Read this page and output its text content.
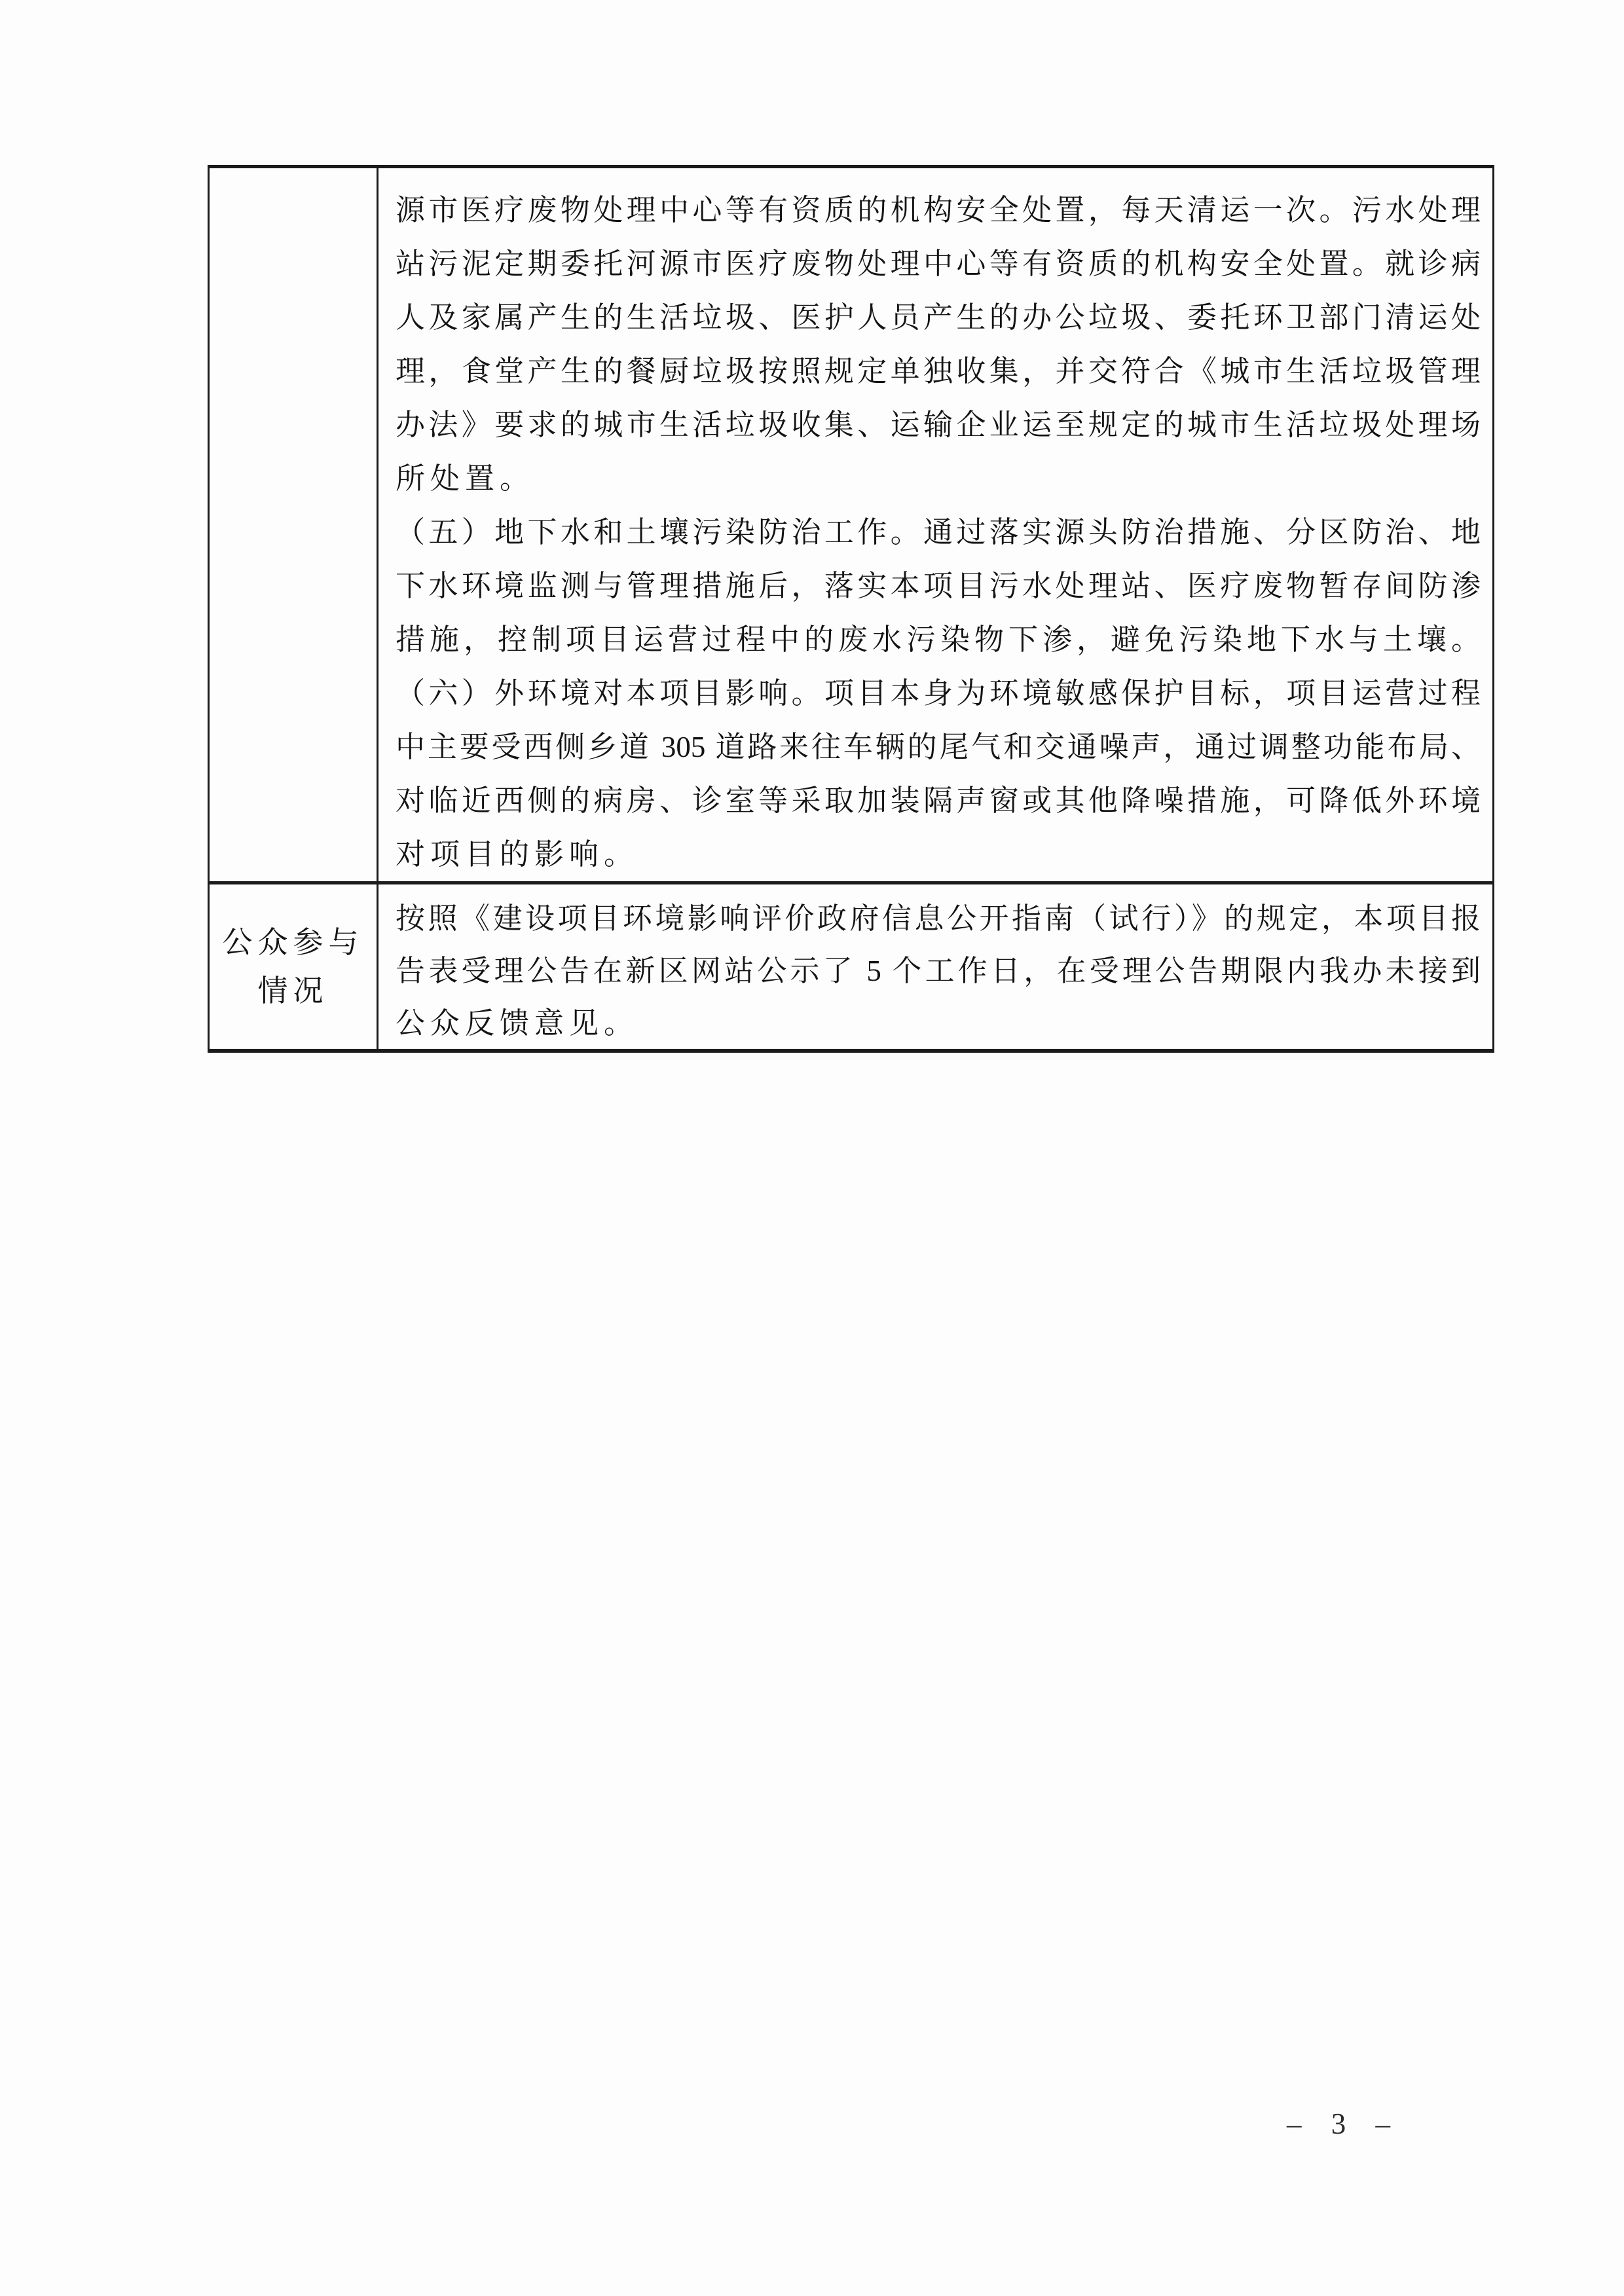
源市医疗废物处理中心等有资质的机构安全处置，每天清运一次。污水处理
站污泥定期委托河源市医疗废物处理中心等有资质的机构安全处置。就诊病
人及家属产生的生活垃圾、医护人员产生的办公垃圾、委托环卫部门清运处
理，食堂产生的餐厨垃圾按照规定单独收集，并交符合《城市生活垃圾管理
办法》要求的城市生活垃圾收集、运输企业运至规定的城市生活垃圾处理场
所处置。
（五）地下水和土壤污染防治工作。通过落实源头防治措施、分区防治、地
下水环境监测与管理措施后，落实本项目污水处理站、医疗废物暂存间防渗
措施，控制项目运营过程中的废水污染物下渗，避免污染地下水与土壤。
（六）外环境对本项目影响。项目本身为环境敏感保护目标，项目运营过程
中主要受西侧乡道 305 道路来往车辆的尾气和交通噪声，通过调整功能布局、
对临近西侧的病房、诊室等采取加装隔声窗或其他降噪措施，可降低外环境
对项目的影响。
公众参与
情况
按照《建设项目环境影响评价政府信息公开指南（试行）》的规定，本项目报
告表受理公告在新区网站公示了 5 个工作日，在受理公告期限内我办未接到
公众反馈意见。
– 3 –
